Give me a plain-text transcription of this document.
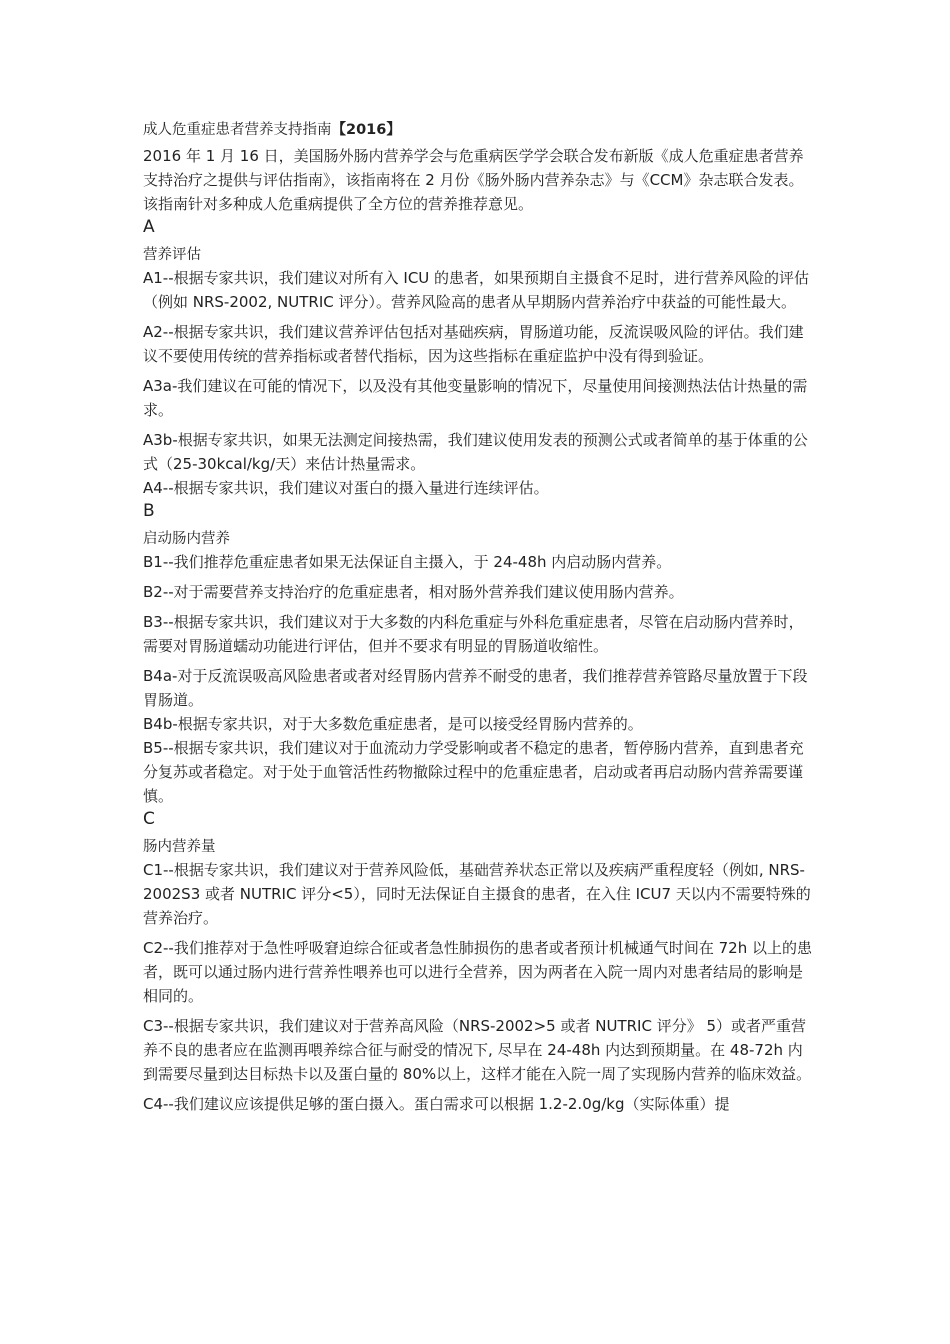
成人危重症患者营养支持指南【2016】
2016 年 1 月 16 日，美国肠外肠内营养学会与危重病医学学会联合发布新版《成人危重症患者营养支持治疗之提供与评估指南》，该指南将在 2 月份《肠外肠内营养杂志》与《CCM》杂志联合发表。该指南针对多种成人危重病提供了全方位的营养推荐意见。
A
营养评估
A1--根据专家共识，我们建议对所有入 ICU 的患者，如果预期自主摄食不足时，进行营养风险的评估（例如 NRS-2002, NUTRIC 评分）。营养风险高的患者从早期肠内营养治疗中获益的可能性最大。
A2--根据专家共识，我们建议营养评估包括对基础疾病，胃肠道功能，反流误吸风险的评估。我们建议不要使用传统的营养指标或者替代指标，因为这些指标在重症监护中没有得到验证。
A3a-我们建议在可能的情况下，以及没有其他变量影响的情况下，尽量使用间接测热法估计热量的需求。
A3b-根据专家共识，如果无法测定间接热需，我们建议使用发表的预测公式或者简单的基于体重的公式（25-30kcal/kg/天）来估计热量需求。
A4--根据专家共识，我们建议对蛋白的摄入量进行连续评估。
B
启动肠内营养
B1--我们推荐危重症患者如果无法保证自主摄入，于 24-48h 内启动肠内营养。
B2--对于需要营养支持治疗的危重症患者，相对肠外营养我们建议使用肠内营养。
B3--根据专家共识，我们建议对于大多数的内科危重症与外科危重症患者，尽管在启动肠内营养时，需要对胃肠道蠕动功能进行评估，但并不要求有明显的胃肠道收缩性。
B4a-对于反流误吸高风险患者或者对经胃肠内营养不耐受的患者，我们推荐营养管路尽量放置于下段胃肠道。
B4b-根据专家共识，对于大多数危重症患者，是可以接受经胃肠内营养的。
B5--根据专家共识，我们建议对于血流动力学受影响或者不稳定的患者，暂停肠内营养，直到患者充分复苏或者稳定。对于处于血管活性药物撤除过程中的危重症患者，启动或者再启动肠内营养需要谨慎。
C
肠内营养量
C1--根据专家共识，我们建议对于营养风险低，基础营养状态正常以及疾病严重程度轻（例如, NRS-2002S3 或者 NUTRIC 评分<5），同时无法保证自主摄食的患者，在入住 ICU7 天以内不需要特殊的营养治疗。
C2--我们推荐对于急性呼吸窘迫综合征或者急性肺损伤的患者或者预计机械通气时间在 72h 以上的患者，既可以通过肠内进行营养性喂养也可以进行全营养，因为两者在入院一周内对患者结局的影响是相同的。
C3--根据专家共识，我们建议对于营养高风险（NRS-2002>5 或者 NUTRIC 评分》 5）或者严重营养不良的患者应在监测再喂养综合征与耐受的情况下, 尽早在 24-48h 内达到预期量。在 48-72h 内到需要尽量到达目标热卡以及蛋白量的 80%以上，这样才能在入院一周了实现肠内营养的临床效益。
C4--我们建议应该提供足够的蛋白摄入。蛋白需求可以根据 1.2-2.0g/kg（实际体重）提
